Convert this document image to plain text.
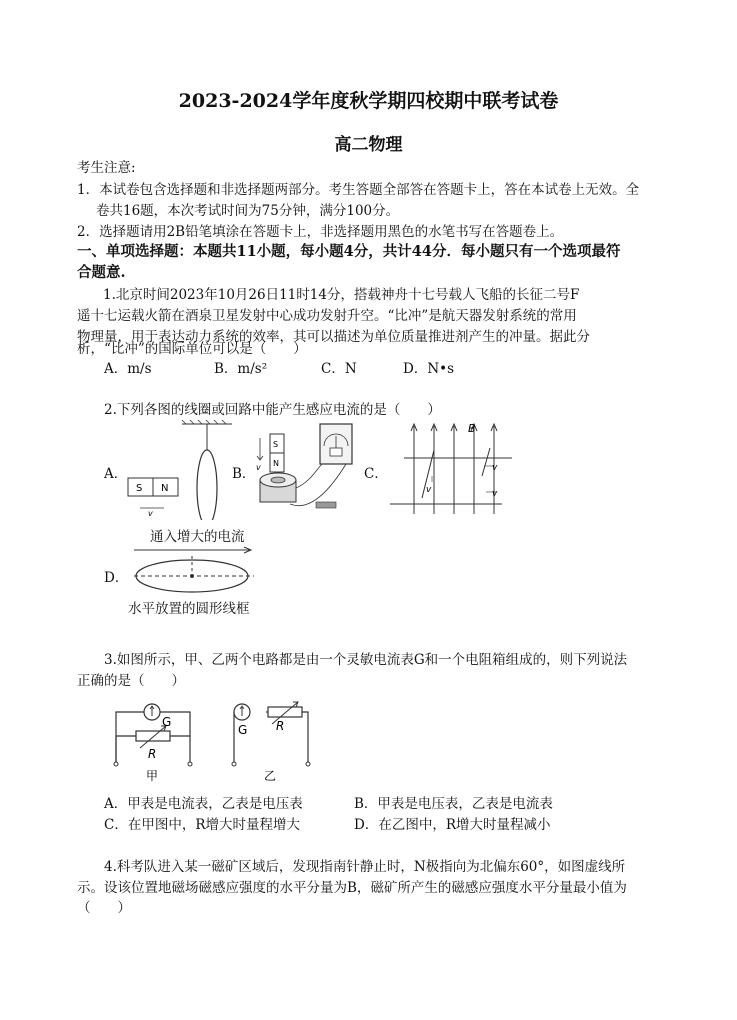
2023-2024学年度秋学期四校期中联考试卷
高二物理
考生注意:
1．本试卷包含选择题和非选择题两部分。考生答题全部答在答题卡上，答在本试卷上无效。全
卷共16题，本次考试时间为75分钟，满分100分。
2．选择题请用2B铅笔填涂在答题卡上，非选择题用黑色的水笔书写在答题卷上。
一、单项选择题：本题共11小题，每小题4分，共计44分．每小题只有一个选项最符
合题意.
1.北京时间2023年10月26日11时14分，搭载神舟十七号载人飞船的长征二号F
遥十七运载火箭在酒泉卫星发射中心成功发射升空。“比冲”是航天器发射系统的常用
物理量，用于表达动力系统的效率，其可以描述为单位质量推进剂产生的冲量。据此分
析，“比冲”的国际单位可以是（　　）
A．m/s	B．m/s²	C．N	D．N•s
2.下列各图的线圈或回路中能产生感应电流的是（　　）
A．
S N
v
B．
S
N
v	C．
B
v
v
v
D．
通入增大的电流
水平放置的圆形线框
3.如图所示，甲、乙两个电路都是由一个灵敏电流表G和一个电阻箱组成的，则下列说法
正确的是（　　）
G
R
甲
G R
乙
A．甲表是电流表，乙表是电压表	B．甲表是电压表，乙表是电流表
C．在甲图中，R增大时量程增大	D．在乙图中，R增大时量程减小
4.科考队进入某一磁矿区域后，发现指南针静止时，N极指向为北偏东60°，如图虚线所
示。设该位置地磁场磁感应强度的水平分量为B，磁矿所产生的磁感应强度水平分量最小值为
（　　）
